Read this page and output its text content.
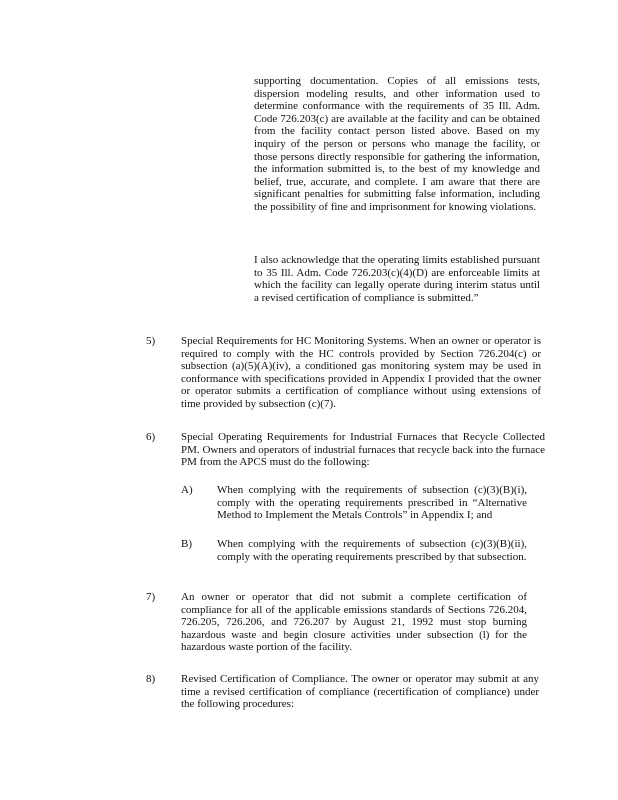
supporting documentation. Copies of all emissions tests, dispersion modeling results, and other information used to determine conformance with the requirements of 35 Ill. Adm. Code 726.203(c) are available at the facility and can be obtained from the facility contact person listed above. Based on my inquiry of the person or persons who manage the facility, or those persons directly responsible for gathering the information, the information submitted is, to the best of my knowledge and belief, true, accurate, and complete. I am aware that there are significant penalties for submitting false information, including the possibility of fine and imprisonment for knowing violations.

I also acknowledge that the operating limits established pursuant to 35 Ill. Adm. Code 726.203(c)(4)(D) are enforceable limits at which the facility can legally operate during interim status until a revised certification of compliance is submitted.”

5) Special Requirements for HC Monitoring Systems. When an owner or operator is required to comply with the HC controls provided by Section 726.204(c) or subsection (a)(5)(A)(iv), a conditioned gas monitoring system may be used in conformance with specifications provided in Appendix I provided that the owner or operator submits a certification of compliance without using extensions of time provided by subsection (c)(7).

6) Special Operating Requirements for Industrial Furnaces that Recycle Collected PM. Owners and operators of industrial furnaces that recycle back into the furnace PM from the APCS must do the following:

A) When complying with the requirements of subsection (c)(3)(B)(i), comply with the operating requirements prescribed in “Alternative Method to Implement the Metals Controls” in Appendix I; and

B) When complying with the requirements of subsection (c)(3)(B)(ii), comply with the operating requirements prescribed by that subsection.

7) An owner or operator that did not submit a complete certification of compliance for all of the applicable emissions standards of Sections 726.204, 726.205, 726.206, and 726.207 by August 21, 1992 must stop burning hazardous waste and begin closure activities under subsection (l) for the hazardous waste portion of the facility.

8) Revised Certification of Compliance. The owner or operator may submit at any time a revised certification of compliance (recertification of compliance) under the following procedures:
